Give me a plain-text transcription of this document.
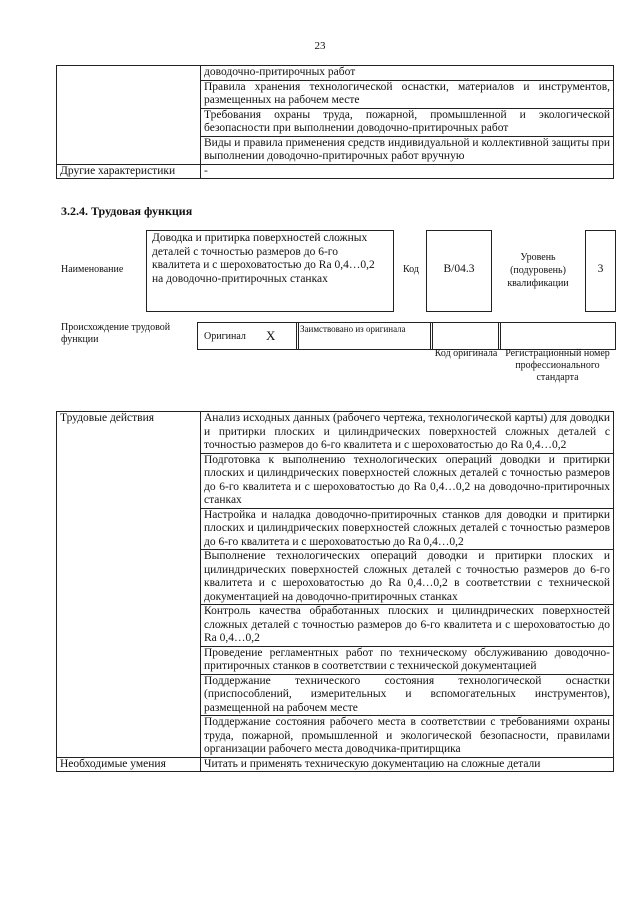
23
	доводочно-притирочных работ
	Правила хранения технологической оснастки, материалов и инструментов, размещенных на рабочем месте
	Требования охраны труда, пожарной, промышленной и экологической безопасности при выполнении доводочно-притирочных работ
	Виды и правила применения средств индивидуальной и коллективной защиты при выполнении доводочно-притирочных работ вручную
Другие характеристики	-
3.2.4. Трудовая функция
Наименование
Доводка и притирка поверхностей сложных деталей с точностью размеров до 6-го квалитета и с шероховатостью до Ra 0,4…0,2 на доводочно-притирочных станках
Код	B/04.3
Уровень (подуровень) квалификации
3
Происхождение трудовой функции	Оригинал X	Заимствовано из оригинала
Код оригинала Регистрационный номер профессионального стандарта
Трудовые действия	Анализ исходных данных (рабочего чертежа, технологической карты) для доводки и притирки плоских и цилиндрических поверхностей сложных деталей с точностью размеров до 6-го квалитета и с шероховатостью до Ra 0,4…0,2
	Подготовка к выполнению технологических операций доводки и притирки плоских и цилиндрических поверхностей сложных деталей с точностью размеров до 6-го квалитета и с шероховатостью до Ra 0,4…0,2 на доводочно-притирочных станках
	Настройка и наладка доводочно-притирочных станков для доводки и притирки плоских и цилиндрических поверхностей сложных деталей с точностью размеров до 6-го квалитета и с шероховатостью до Ra 0,4…0,2
	Выполнение технологических операций доводки и притирки плоских и цилиндрических поверхностей сложных деталей с точностью размеров до 6-го квалитета и с шероховатостью до Ra 0,4…0,2 в соответствии с технической документацией на доводочно-притирочных станках
	Контроль качества обработанных плоских и цилиндрических поверхностей сложных деталей с точностью размеров до 6-го квалитета и с шероховатостью до Ra 0,4…0,2
	Проведение регламентных работ по техническому обслуживанию доводочно-притирочных станков в соответствии с технической документацией
	Поддержание технического состояния технологической оснастки (приспособлений, измерительных и вспомогательных инструментов), размещенной на рабочем месте
	Поддержание состояния рабочего места в соответствии с требованиями охраны труда, пожарной, промышленной и экологической безопасности, правилами организации рабочего места доводчика-притирщика
Необходимые умения	Читать и применять техническую документацию на сложные детали
